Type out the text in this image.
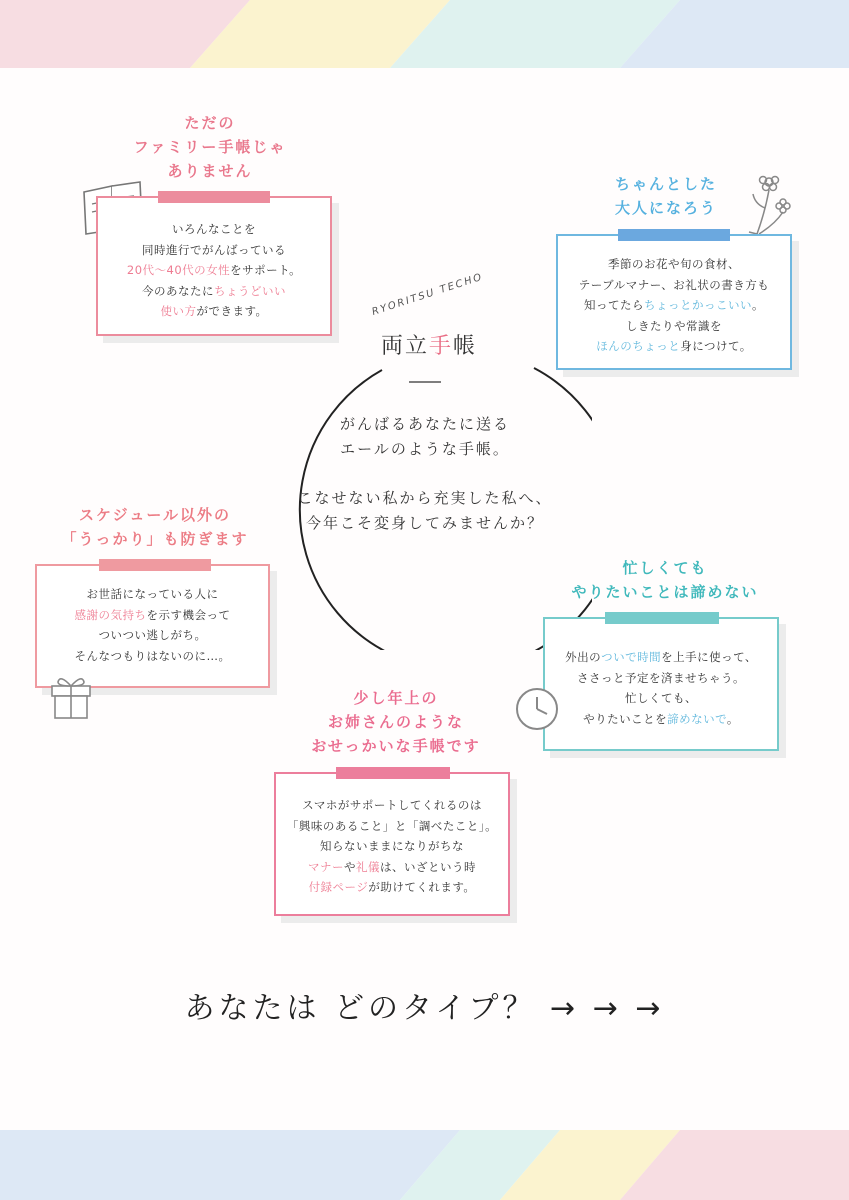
ただの
ファミリー手帳じゃ
ありません
いろんなことを
同時進行でがんばっている
20代～40代の女性をサポート。
今のあなたにちょうどいい
使い方ができます。
ちゃんとした
大人になろう
季節のお花や旬の食材、
テーブルマナー、お礼状の書き方も
知ってたらちょっとかっこいい。
しきたりや常識を
ほんのちょっと身につけて。
RYORITSU TECHO
両立手帳
がんばるあなたに送る
エールのような手帳。
こなせない私から充実した私へ、
今年こそ変身してみませんか？
スケジュール以外の
「うっかり」も防ぎます
お世話になっている人に
感謝の気持ちを示す機会って
ついつい逃しがち。
そんなつもりはないのに…。
忙しくても
やりたいことは諦めない
外出のついで時間を上手に使って、
ささっと予定を済ませちゃう。
忙しくても、
やりたいことを諦めないで。
少し年上の
お姉さんのような
おせっかいな手帳です
スマホがサポートしてくれるのは
「興味のあること」と「調べたこと」。
知らないままになりがちな
マナーや礼儀は、いざという時
付録ページが助けてくれます。
あなたは どのタイプ？ → → →
